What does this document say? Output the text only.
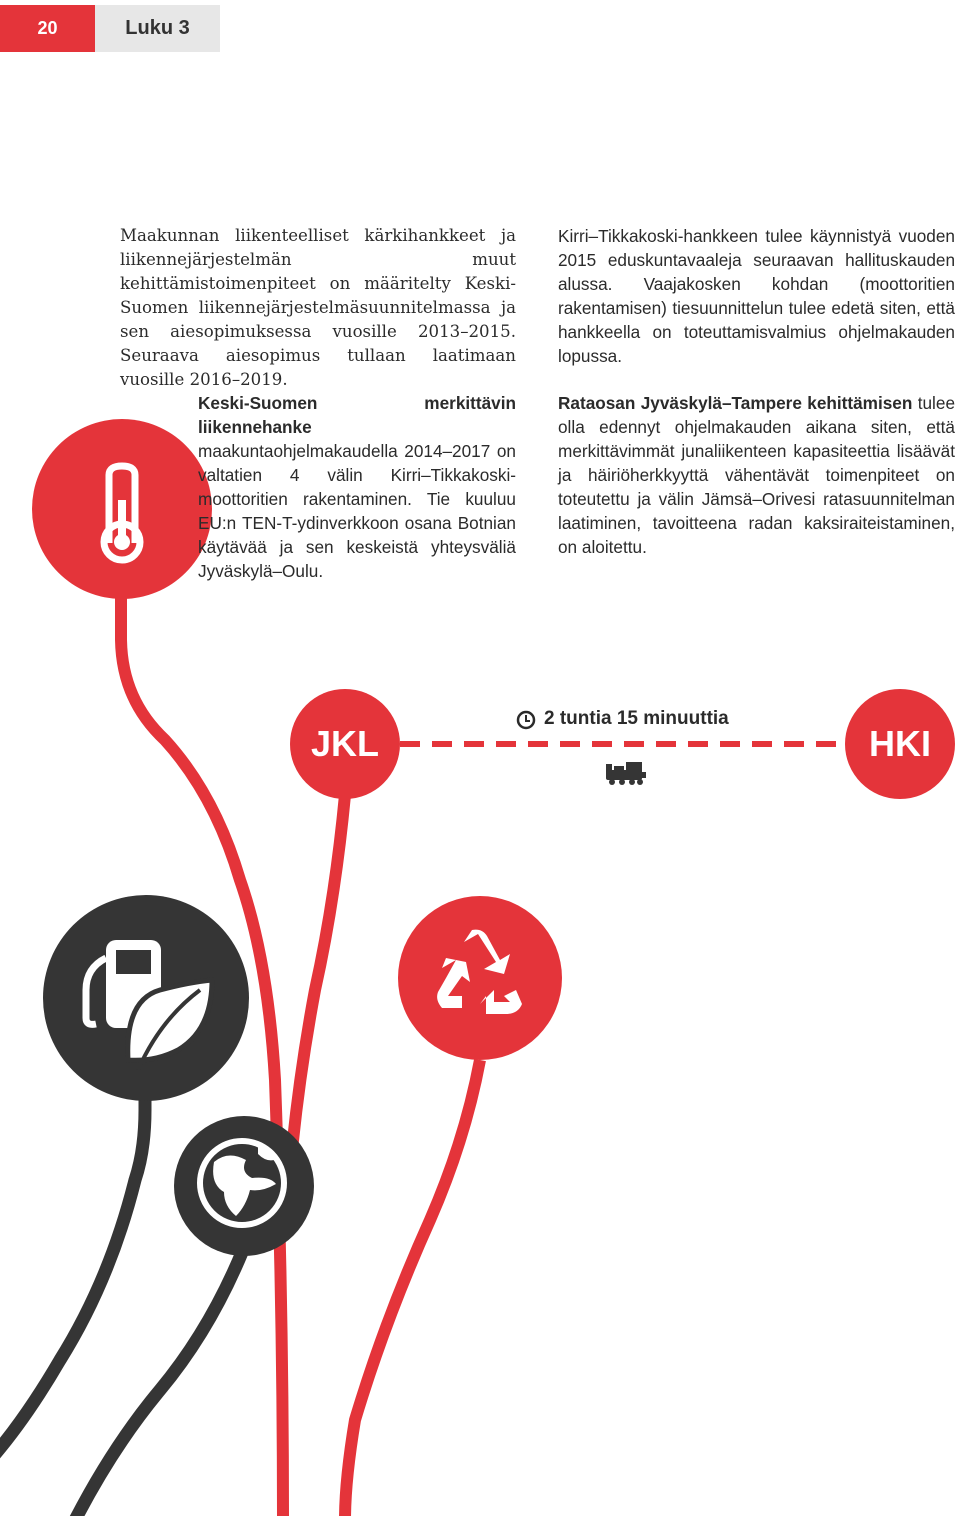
20	Luku 3

Maakunnan liikenteelliset kärkihankkeet ja liikennejärjestelmän muut kehittämistoimenpiteet on määritelty Keski-Suomen liikennejärjestelmäsuunnitelmassa ja sen aiesopimuksessa vuosille 2013–2015. Seuraava aiesopimus tullaan laatimaan vuosille 2016–2019.

Keski-Suomen merkittävin liikennehanke maakuntaohjelmakaudella 2014–2017 on valtatien 4 välin Kirri–Tikkakoski-moottoritien rakentaminen. Tie kuuluu EU:n TEN-T-ydinverkkoon osana Botnian käytävää ja sen keskeistä yhteysväliä Jyväskylä–Oulu.

Kirri–Tikkakoski-hankkeen tulee käynnistyä vuoden 2015 eduskuntavaaleja seuraavan hallituskauden alussa. Vaajakosken kohdan (moottoritien rakentamisen) tiesuunnittelun tulee edetä siten, että hankkeella on toteuttamisvalmius ohjelmakauden lopussa.

Rataosan Jyväskylä–Tampere kehittämisen tulee olla edennyt ohjelmakauden aikana siten, että merkittävimmät junaliikenteen kapasiteettia lisäävät ja häiriöherkkyyttä vähentävät toimenpiteet on toteutettu ja välin Jämsä–Orivesi ratasuunnitelman laatiminen, tavoitteena radan kaksiraiteistaminen, on aloitettu.

JKL	HKI
2 tuntia 15 minuuttia
